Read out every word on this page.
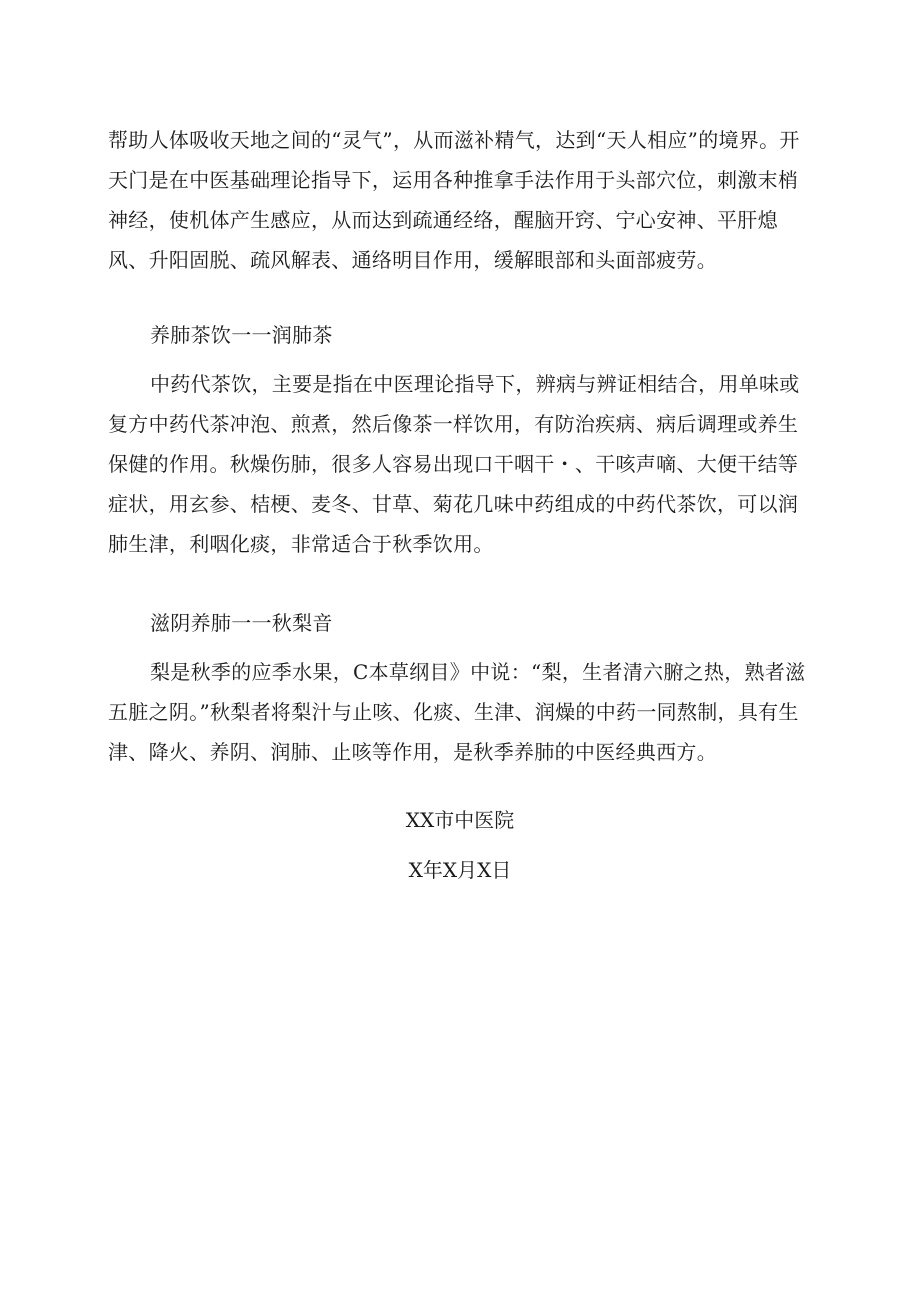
帮助人体吸收天地之间的“灵气”，从而滋补精气，达到“天人相应”的境界。开天门是在中医基础理论指导下，运用各种推拿手法作用于头部穴位，刺激末梢神经，使机体产生感应，从而达到疏通经络，醒脑开窍、宁心安神、平肝熄风、升阳固脱、疏风解表、通络明目作用，缓解眼部和头面部疲劳。

养肺茶饮一一润肺茶

中药代茶饮，主要是指在中医理论指导下，辨病与辨证相结合，用单味或复方中药代茶冲泡、煎煮，然后像茶一样饮用，有防治疾病、病后调理或养生保健的作用。秋燥伤肺，很多人容易出现口干咽干・、干咳声嘀、大便干结等症状，用玄参、桔梗、麦冬、甘草、菊花几味中药组成的中药代茶饮，可以润肺生津，利咽化痰，非常适合于秋季饮用。

滋阴养肺一一秋梨音

梨是秋季的应季水果，C本草纲目》中说：“梨，生者清六腑之热，熟者滋五脏之阴。”秋梨者将梨汁与止咳、化痰、生津、润燥的中药一同熬制，具有生津、降火、养阴、润肺、止咳等作用，是秋季养肺的中医经典西方。

XX市中医院

X年X月X日
